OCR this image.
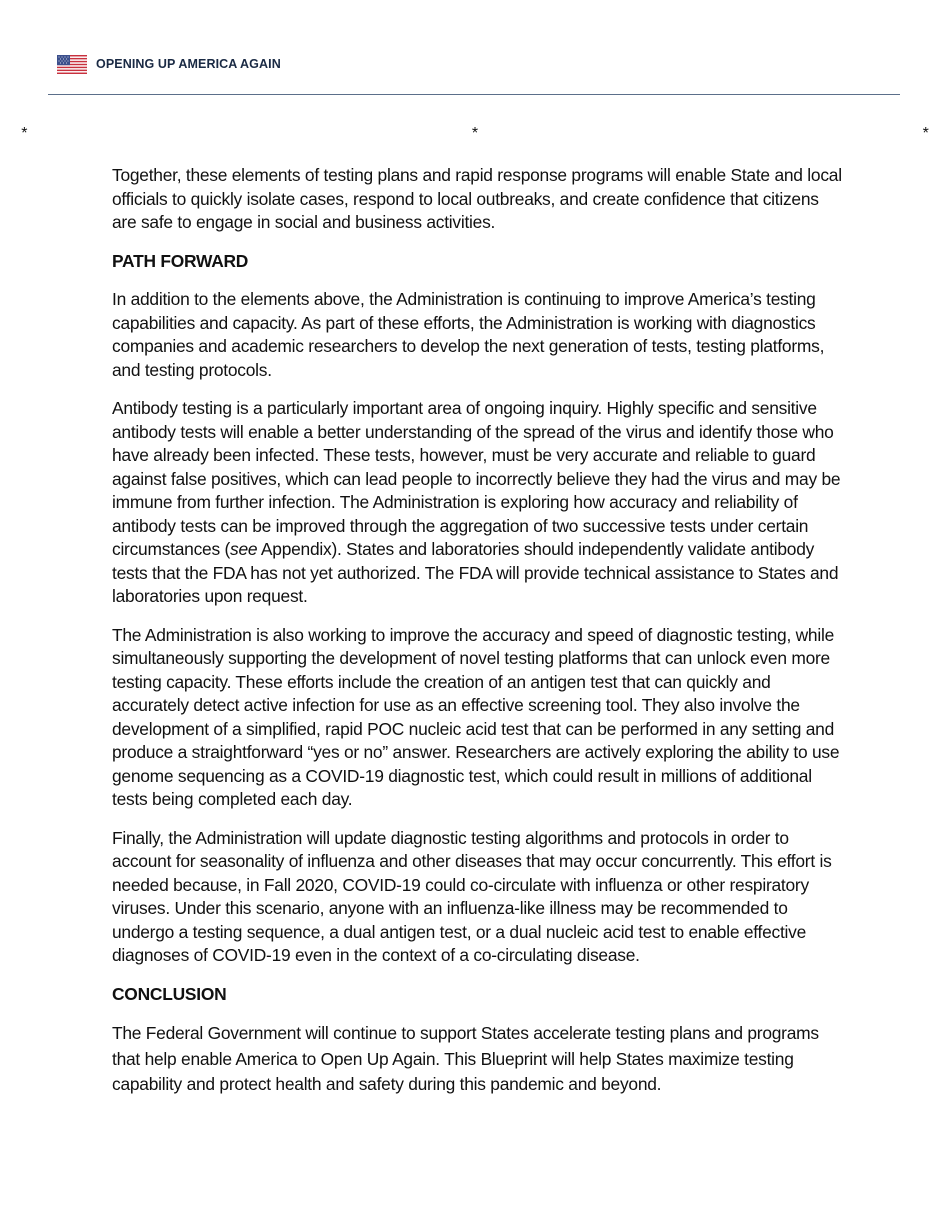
OPENING UP AMERICA AGAIN
*          *          *

Together, these elements of testing plans and rapid response programs will enable State and local officials to quickly isolate cases, respond to local outbreaks, and create confidence that citizens are safe to engage in social and business activities.

PATH FORWARD

In addition to the elements above, the Administration is continuing to improve America’s testing capabilities and capacity. As part of these efforts, the Administration is working with diagnostics companies and academic researchers to develop the next generation of tests, testing platforms, and testing protocols.

Antibody testing is a particularly important area of ongoing inquiry. Highly specific and sensitive antibody tests will enable a better understanding of the spread of the virus and identify those who have already been infected. These tests, however, must be very accurate and reliable to guard against false positives, which can lead people to incorrectly believe they had the virus and may be immune from further infection. The Administration is exploring how accuracy and reliability of antibody tests can be improved through the aggregation of two successive tests under certain circumstances (see Appendix). States and laboratories should independently validate antibody tests that the FDA has not yet authorized. The FDA will provide technical assistance to States and laboratories upon request.

The Administration is also working to improve the accuracy and speed of diagnostic testing, while simultaneously supporting the development of novel testing platforms that can unlock even more testing capacity. These efforts include the creation of an antigen test that can quickly and accurately detect active infection for use as an effective screening tool. They also involve the development of a simplified, rapid POC nucleic acid test that can be performed in any setting and produce a straightforward “yes or no” answer. Researchers are actively exploring the ability to use genome sequencing as a COVID-19 diagnostic test, which could result in millions of additional tests being completed each day.

Finally, the Administration will update diagnostic testing algorithms and protocols in order to account for seasonality of influenza and other diseases that may occur concurrently. This effort is needed because, in Fall 2020, COVID-19 could co-circulate with influenza or other respiratory viruses. Under this scenario, anyone with an influenza-like illness may be recommended to undergo a testing sequence, a dual antigen test, or a dual nucleic acid test to enable effective diagnoses of COVID-19 even in the context of a co-circulating disease.

CONCLUSION

The Federal Government will continue to support States accelerate testing plans and programs that help enable America to Open Up Again. This Blueprint will help States maximize testing capability and protect health and safety during this pandemic and beyond.
